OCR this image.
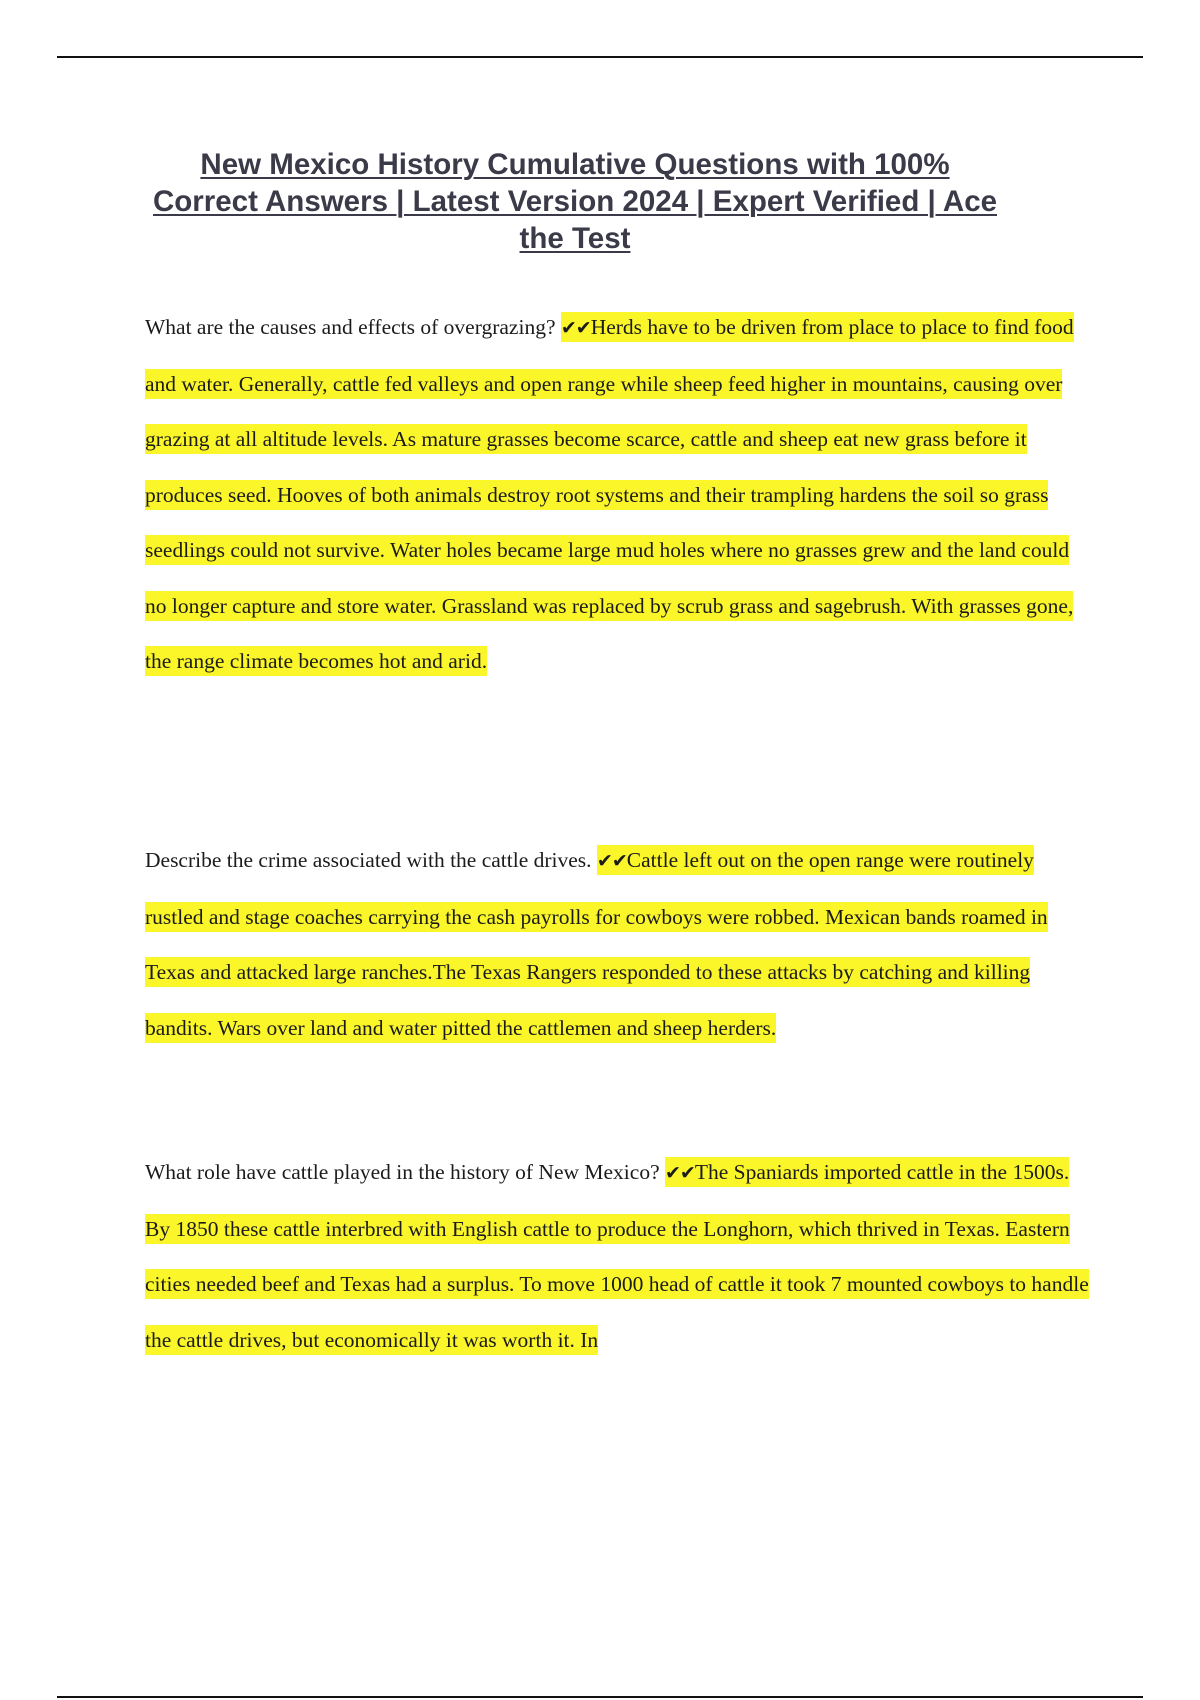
New Mexico History Cumulative Questions with 100% Correct Answers | Latest Version 2024 | Expert Verified | Ace the Test

What are the causes and effects of overgrazing? ✔✔Herds have to be driven from place to place to find food and water. Generally, cattle fed valleys and open range while sheep feed higher in mountains, causing over grazing at all altitude levels. As mature grasses become scarce, cattle and sheep eat new grass before it produces seed. Hooves of both animals destroy root systems and their trampling hardens the soil so grass seedlings could not survive. Water holes became large mud holes where no grasses grew and the land could no longer capture and store water. Grassland was replaced by scrub grass and sagebrush. With grasses gone, the range climate becomes hot and arid.

Describe the crime associated with the cattle drives. ✔✔Cattle left out on the open range were routinely rustled and stage coaches carrying the cash payrolls for cowboys were robbed. Mexican bands roamed in Texas and attacked large ranches.The Texas Rangers responded to these attacks by catching and killing bandits. Wars over land and water pitted the cattlemen and sheep herders.

What role have cattle played in the history of New Mexico? ✔✔The Spaniards imported cattle in the 1500s. By 1850 these cattle interbred with English cattle to produce the Longhorn, which thrived in Texas. Eastern cities needed beef and Texas had a surplus. To move 1000 head of cattle it took 7 mounted cowboys to handle the cattle drives, but economically it was worth it. In
